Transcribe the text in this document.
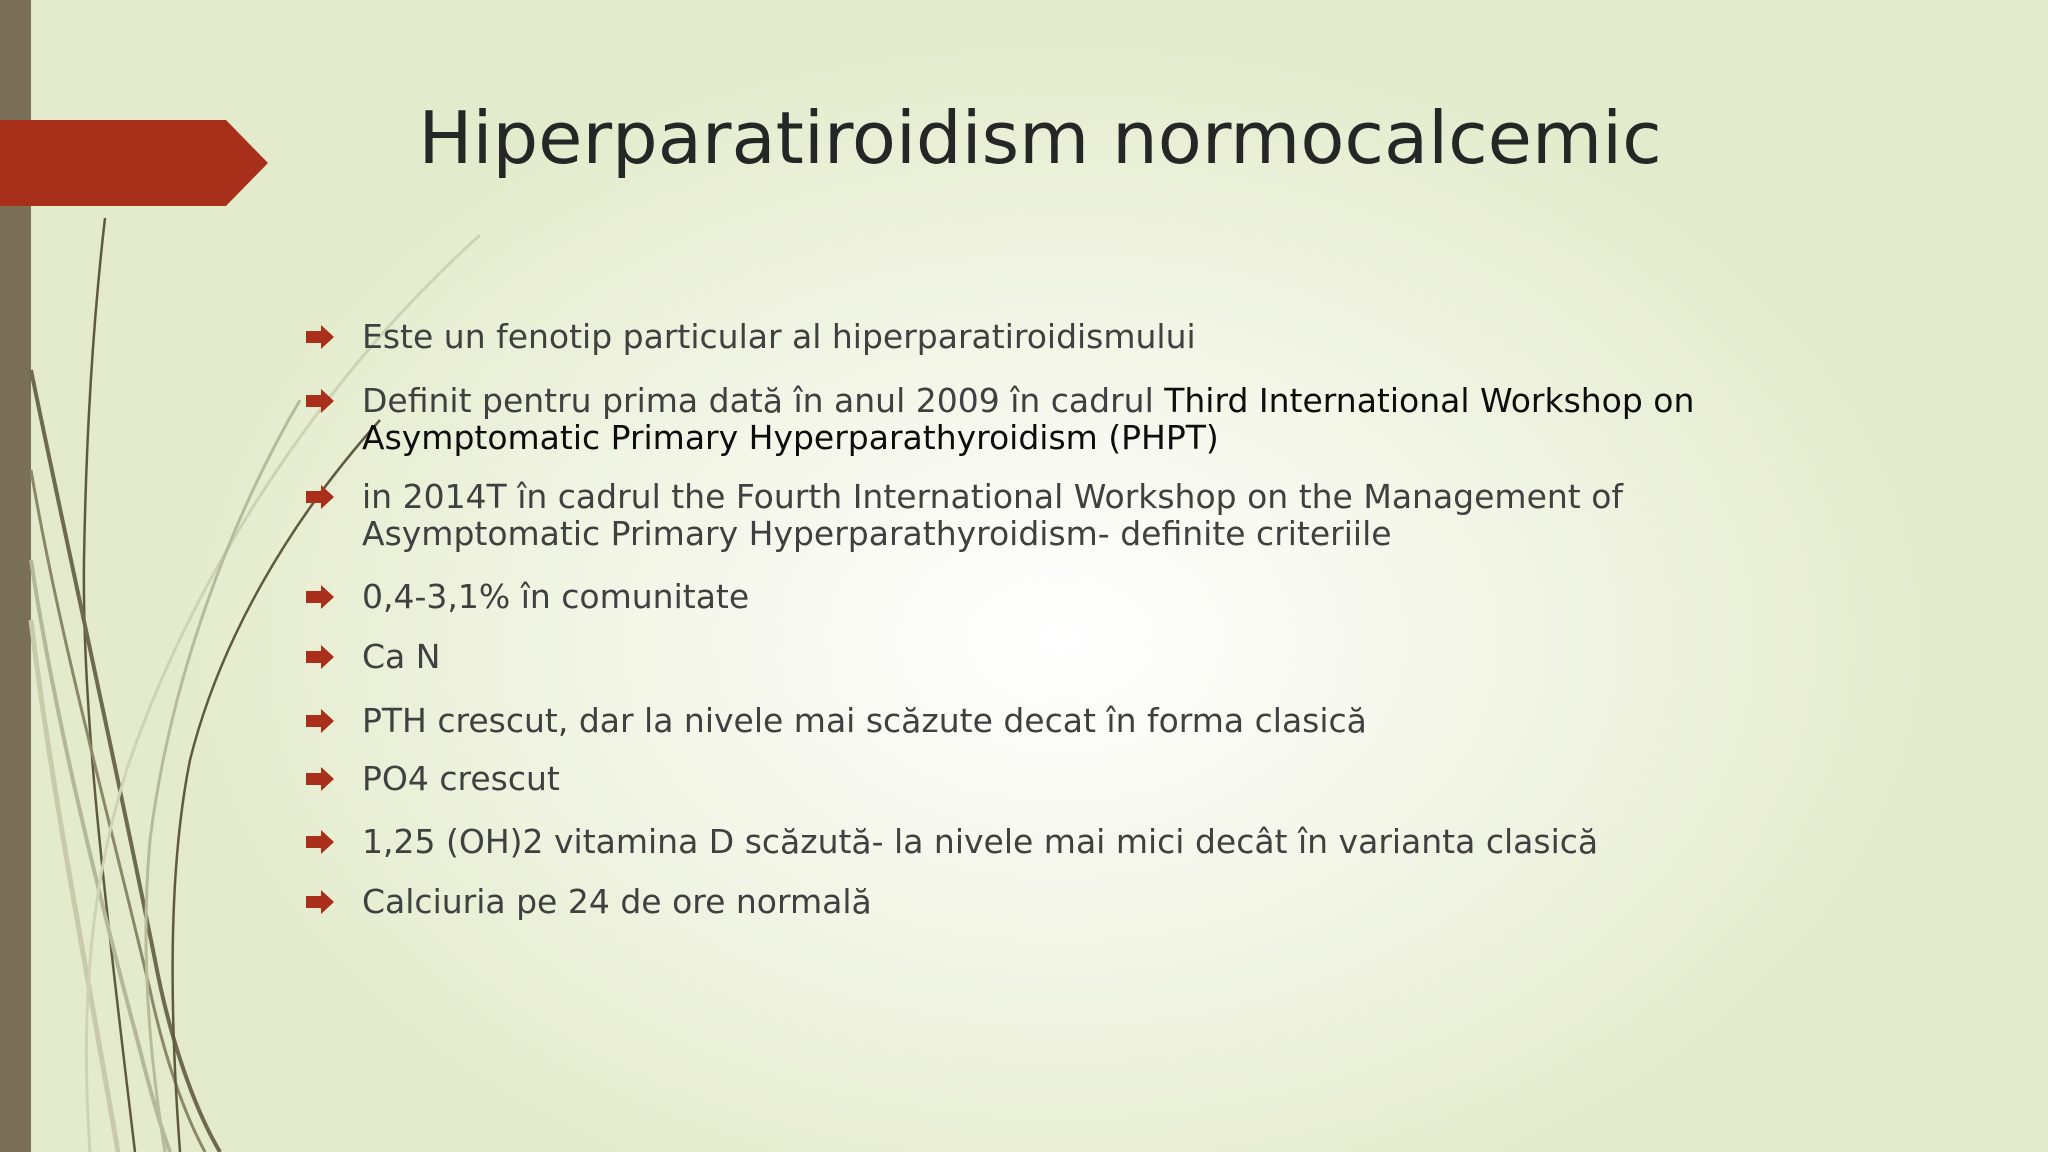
Hiperparatiroidism normocalcemic
Este un fenotip particular al hiperparatiroidismului
Definit pentru prima dată în anul 2009 în cadrul Third International Workshop on
Asymptomatic Primary Hyperparathyroidism (PHPT)
in 2014T în cadrul the Fourth International Workshop on the Management of
Asymptomatic Primary Hyperparathyroidism- definite criteriile
0,4-3,1% în comunitate
Ca N
PTH crescut, dar la nivele mai scăzute decat în forma clasică
PO4 crescut
1,25 (OH)2 vitamina D scăzută- la nivele mai mici decât în varianta clasică
Calciuria pe 24 de ore normală
